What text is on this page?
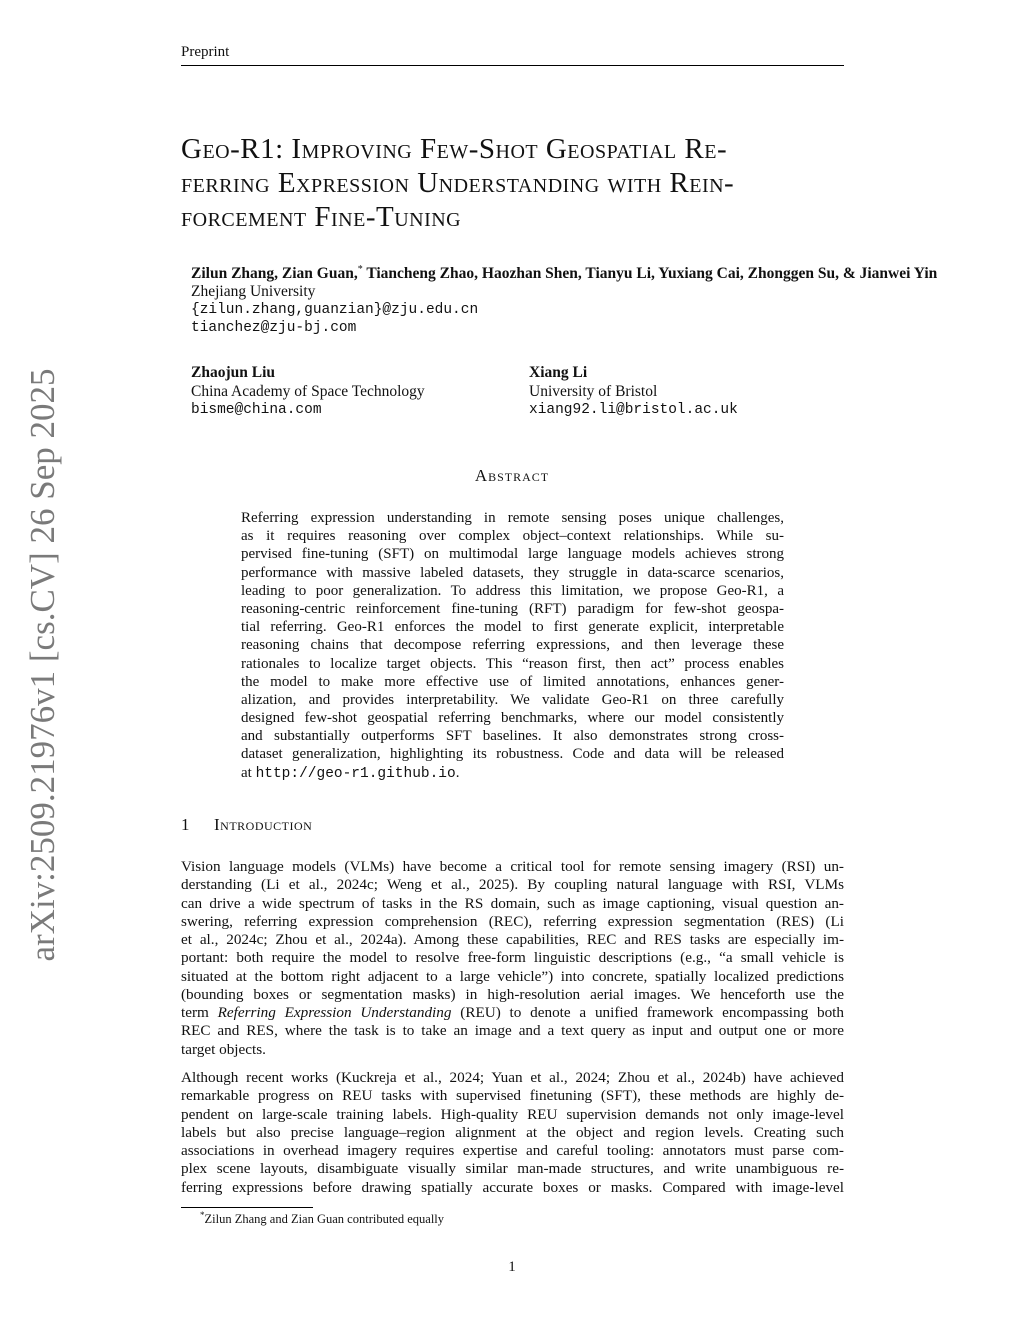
Preprint
arXiv:2509.21976v1 [cs.CV] 26 Sep 2025
Geo-R1: Improving Few-Shot Geospatial Re-
ferring Expression Understanding with Rein-
forcement Fine-Tuning
Zilun Zhang, Zian Guan,* Tiancheng Zhao, Haozhan Shen, Tianyu Li, Yuxiang Cai, Zhonggen Su, & Jianwei Yin
Zhejiang University
{zilun.zhang,guanzian}@zju.edu.cn
tianchez@zju-bj.com
Zhaojun Liu
China Academy of Space Technology
bisme@china.com
Xiang Li
University of Bristol
xiang92.li@bristol.ac.uk
Abstract
Referring expression understanding in remote sensing poses unique challenges,
as it requires reasoning over complex object–context relationships. While su-
pervised fine-tuning (SFT) on multimodal large language models achieves strong
performance with massive labeled datasets, they struggle in data-scarce scenarios,
leading to poor generalization. To address this limitation, we propose Geo-R1, a
reasoning-centric reinforcement fine-tuning (RFT) paradigm for few-shot geospa-
tial referring. Geo-R1 enforces the model to first generate explicit, interpretable
reasoning chains that decompose referring expressions, and then leverage these
rationales to localize target objects. This “reason first, then act” process enables
the model to make more effective use of limited annotations, enhances gener-
alization, and provides interpretability. We validate Geo-R1 on three carefully
designed few-shot geospatial referring benchmarks, where our model consistently
and substantially outperforms SFT baselines. It also demonstrates strong cross-
dataset generalization, highlighting its robustness. Code and data will be released
at http://geo-r1.github.io.
1 Introduction
Vision language models (VLMs) have become a critical tool for remote sensing imagery (RSI) un-
derstanding (Li et al., 2024c; Weng et al., 2025). By coupling natural language with RSI, VLMs
can drive a wide spectrum of tasks in the RS domain, such as image captioning, visual question an-
swering, referring expression comprehension (REC), referring expression segmentation (RES) (Li
et al., 2024c; Zhou et al., 2024a). Among these capabilities, REC and RES tasks are especially im-
portant: both require the model to resolve free-form linguistic descriptions (e.g., “a small vehicle is
situated at the bottom right adjacent to a large vehicle”) into concrete, spatially localized predictions
(bounding boxes or segmentation masks) in high-resolution aerial images. We henceforth use the
term Referring Expression Understanding (REU) to denote a unified framework encompassing both
REC and RES, where the task is to take an image and a text query as input and output one or more
target objects.
Although recent works (Kuckreja et al., 2024; Yuan et al., 2024; Zhou et al., 2024b) have achieved
remarkable progress on REU tasks with supervised finetuning (SFT), these methods are highly de-
pendent on large-scale training labels. High-quality REU supervision demands not only image-level
labels but also precise language–region alignment at the object and region levels. Creating such
associations in overhead imagery requires expertise and careful tooling: annotators must parse com-
plex scene layouts, disambiguate visually similar man-made structures, and write unambiguous re-
ferring expressions before drawing spatially accurate boxes or masks. Compared with image-level
*Zilun Zhang and Zian Guan contributed equally
1
